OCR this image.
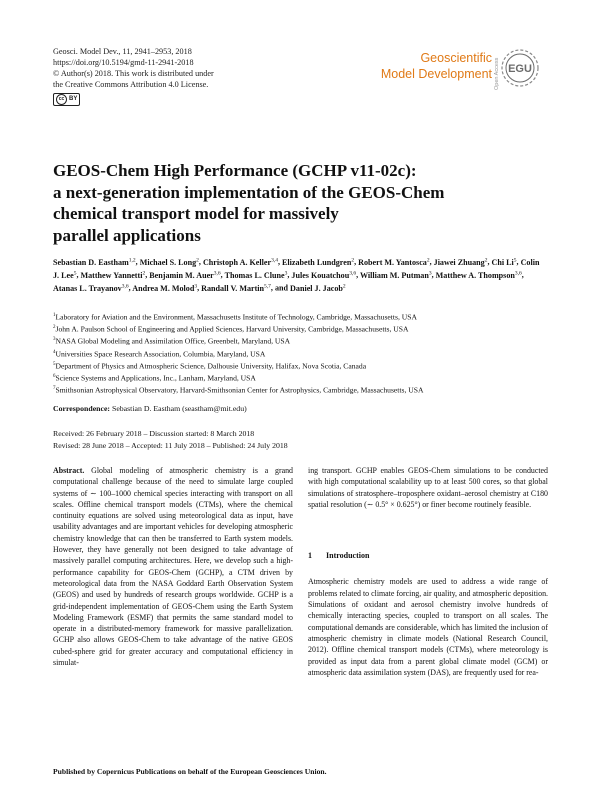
Geosci. Model Dev., 11, 2941–2953, 2018
https://doi.org/10.5194/gmd-11-2941-2018
© Author(s) 2018. This work is distributed under
the Creative Commons Attribution 4.0 License.
cc BY
Geoscientific
Model Development Open Access EGU
GEOS-Chem High Performance (GCHP v11-02c):
a next-generation implementation of the GEOS-Chem
chemical transport model for massively
parallel applications
Sebastian D. Eastham$^{1,2}$, Michael S. Long$^2$, Christoph A. Keller$^{3,4}$, Elizabeth Lundgren$^2$, Robert M. Yantosca$^2$, Jiawei Zhuang$^2$, Chi Li$^5$, Colin J. Lee$^5$, Matthew Yannetti$^2$, Benjamin M. Auer$^{3,6}$, Thomas L. Clune$^3$, Jules Kouatchou$^{3,6}$, William M. Putman$^3$, Matthew A. Thompson$^{3,6}$, Atanas L. Trayanov$^{3,6}$, Andrea M. Molod$^3$, Randall V. Martin$^{5,7}$, and Daniel J. Jacob$^2$
$^1$Laboratory for Aviation and the Environment, Massachusetts Institute of Technology, Cambridge, Massachusetts, USA
$^2$John A. Paulson School of Engineering and Applied Sciences, Harvard University, Cambridge, Massachusetts, USA
$^3$NASA Global Modeling and Assimilation Office, Greenbelt, Maryland, USA
$^4$Universities Space Research Association, Columbia, Maryland, USA
$^5$Department of Physics and Atmospheric Science, Dalhousie University, Halifax, Nova Scotia, Canada
$^6$Science Systems and Applications, Inc., Lanham, Maryland, USA
$^7$Smithsonian Astrophysical Observatory, Harvard-Smithsonian Center for Astrophysics, Cambridge, Massachusetts, USA
Correspondence: Sebastian D. Eastham (seastham@mit.edu)
Received: 26 February 2018 – Discussion started: 8 March 2018
Revised: 28 June 2018 – Accepted: 11 July 2018 – Published: 24 July 2018
Abstract. Global modeling of atmospheric chemistry is a grand computational challenge because of the need to simulate large coupled systems of ∼ 100–1000 chemical species interacting with transport on all scales. Offline chemical transport models (CTMs), where the chemical continuity equations are solved using meteorological data as input, have usability advantages and are important vehicles for developing atmospheric chemistry knowledge that can then be transferred to Earth system models. However, they have generally not been designed to take advantage of massively parallel computing architectures. Here, we develop such a high-performance capability for GEOS-Chem (GCHP), a CTM driven by meteorological data from the NASA Goddard Earth Observation System (GEOS) and used by hundreds of research groups worldwide. GCHP is a grid-independent implementation of GEOS-Chem using the Earth System Modeling Framework (ESMF) that permits the same standard model to operate in a distributed-memory framework for massive parallelization. GCHP also allows GEOS-Chem to take advantage of the native GEOS cubed-sphere grid for greater accuracy and computational efficiency in simulat-
ing transport. GCHP enables GEOS-Chem simulations to be conducted with high computational scalability up to at least 500 cores, so that global simulations of stratosphere–troposphere oxidant–aerosol chemistry at C180 spatial resolution (∼ 0.5° × 0.625°) or finer become routinely feasible.
1 Introduction
Atmospheric chemistry models are used to address a wide range of problems related to climate forcing, air quality, and atmospheric deposition. Simulations of oxidant and aerosol chemistry involve hundreds of chemically interacting species, coupled to transport on all scales. The computational demands are considerable, which has limited the inclusion of atmospheric chemistry in climate models (National Research Council, 2012). Offline chemical transport models (CTMs), where meteorology is provided as input data from a parent global climate model (GCM) or atmospheric data assimilation system (DAS), are frequently used for rea-
Published by Copernicus Publications on behalf of the European Geosciences Union.
